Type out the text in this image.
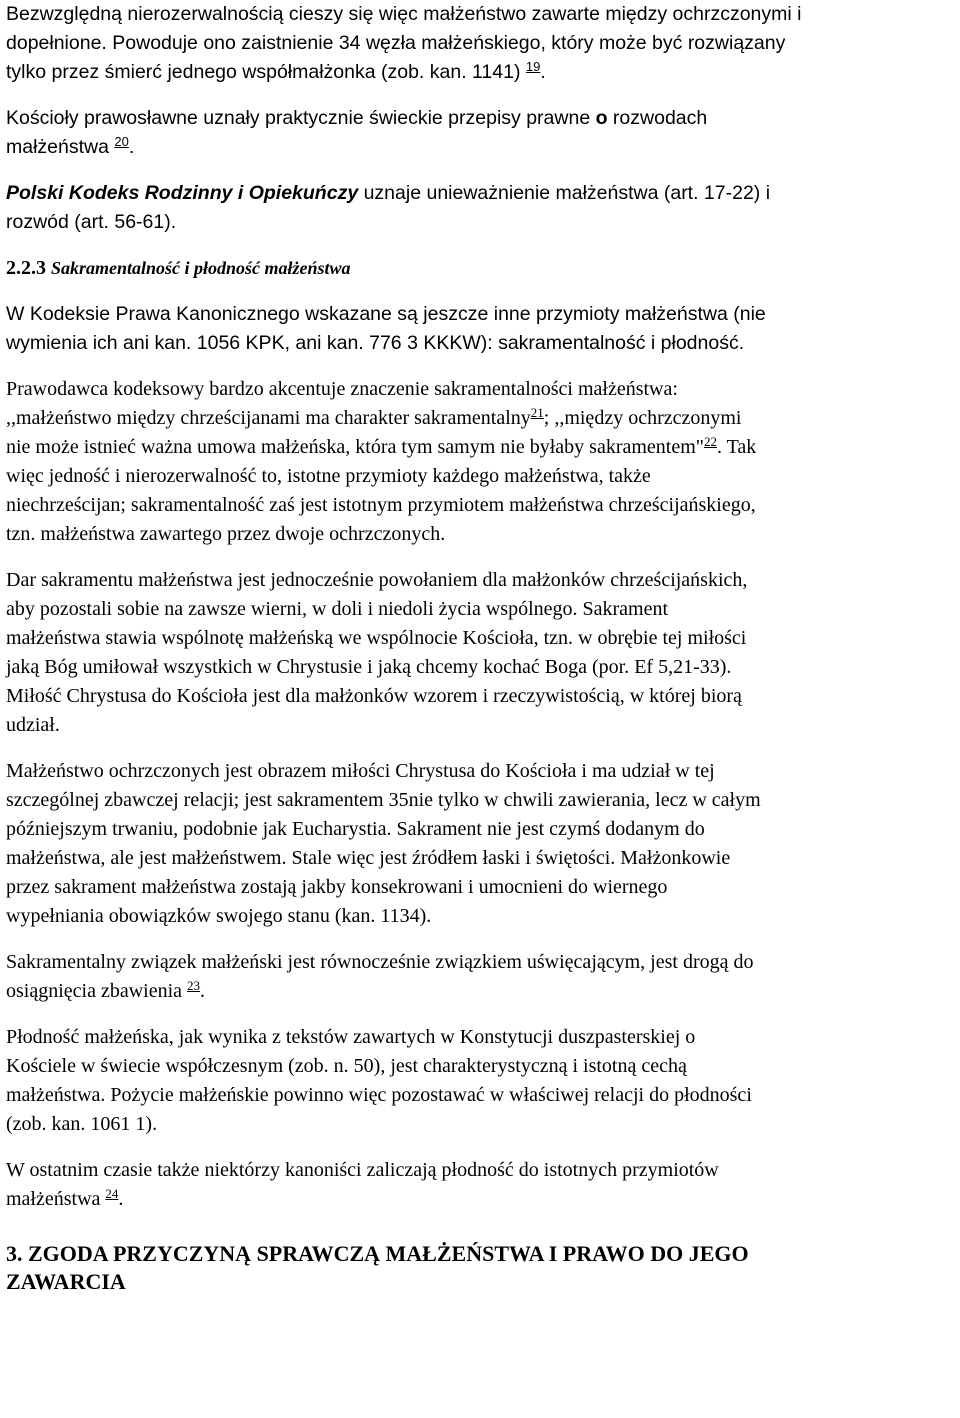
Bezwzględną nierozerwalnością cieszy się więc małżeństwo zawarte między ochrzczonymi i
dopełnione. Powoduje ono zaistnienie 34 węzła małżeńskiego, który może być rozwiązany
tylko przez śmierć jednego współmałżonka (zob. kan. 1141) $^{19}$.

Kościoły prawosławne uznały praktycznie świeckie przepisy prawne o rozwodach
małżeństwa $^{20}$.

Polski Kodeks Rodzinny i Opiekuńczy uznaje unieważnienie małżeństwa (art. 17-22) i
rozwód (art. 56-61).

2.2.3 Sakramentalność i płodność małżeństwa

W Kodeksie Prawa Kanonicznego wskazane są jeszcze inne przymioty małżeństwa (nie
wymienia ich ani kan. 1056 KPK, ani kan. 776 3 KKKW): sakramentalność i płodność.

Prawodawca kodeksowy bardzo akcentuje znaczenie sakramentalności małżeństwa:
,,małżeństwo między chrześcijanami ma charakter sakramentalny$^{21}$; ,,między ochrzczonymi
nie może istnieć ważna umowa małżeńska, która tym samym nie byłaby sakramentem"$^{22}$. Tak
więc jedność i nierozerwalność to, istotne przymioty każdego małżeństwa, także
niechrześcijan; sakramentalność zaś jest istotnym przymiotem małżeństwa chrześcijańskiego,
tzn. małżeństwa zawartego przez dwoje ochrzczonych.

Dar sakramentu małżeństwa jest jednocześnie powołaniem dla małżonków chrześcijańskich,
aby pozostali sobie na zawsze wierni, w doli i niedoli życia wspólnego. Sakrament
małżeństwa stawia wspólnotę małżeńską we wspólnocie Kościoła, tzn. w obrębie tej miłości
jaką Bóg umiłował wszystkich w Chrystusie i jaką chcemy kochać Boga (por. Ef 5,21-33).
Miłość Chrystusa do Kościoła jest dla małżonków wzorem i rzeczywistością, w której biorą
udział.

Małżeństwo ochrzczonych jest obrazem miłości Chrystusa do Kościoła i ma udział w tej
szczególnej zbawczej relacji; jest sakramentem 35nie tylko w chwili zawierania, lecz w całym
późniejszym trwaniu, podobnie jak Eucharystia. Sakrament nie jest czymś dodanym do
małżeństwa, ale jest małżeństwem. Stale więc jest źródłem łaski i świętości. Małżonkowie
przez sakrament małżeństwa zostają jakby konsekrowani i umocnieni do wiernego
wypełniania obowiązków swojego stanu (kan. 1134).

Sakramentalny związek małżeński jest równocześnie związkiem uświęcającym, jest drogą do
osiągnięcia zbawienia $^{23}$.

Płodność małżeńska, jak wynika z tekstów zawartych w Konstytucji duszpasterskiej o
Kościele w świecie współczesnym (zob. n. 50), jest charakterystyczną i istotną cechą
małżeństwa. Pożycie małżeńskie powinno więc pozostawać w właściwej relacji do płodności
(zob. kan. 1061 1).

W ostatnim czasie także niektórzy kanoniści zaliczają płodność do istotnych przymiotów
małżeństwa $^{24}$.

3. ZGODA PRZYCZYNĄ SPRAWCZĄ MAŁŻEŃSTWA I PRAWO DO JEGO
ZAWARCIA
